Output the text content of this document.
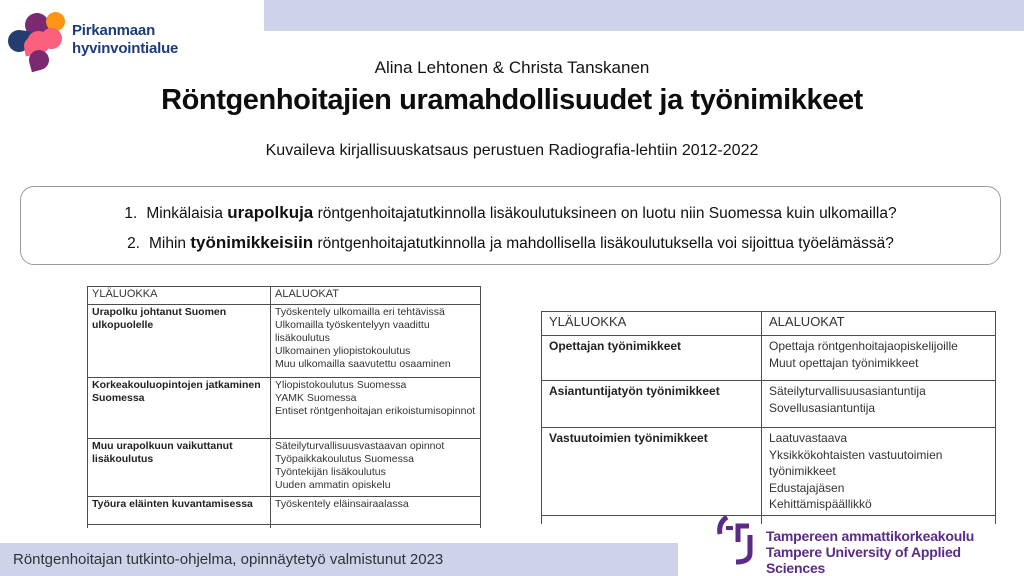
Pirkanmaan
hyvinvointialue
Alina Lehtonen & Christa Tanskanen
Röntgenhoitajien uramahdollisuudet ja työnimikkeet
Kuvaileva kirjallisuuskatsaus perustuen Radiografia-lehtiin 2012-2022
1. Minkälaisia urapolkuja röntgenhoitajatutkinnolla lisäkoulutuksineen on luotu niin Suomessa kuin ulkomailla?
2. Mihin työnimikkeisiin röntgenhoitajatutkinnolla ja mahdollisella lisäkoulutuksella voi sijoittua työelämässä?
YLÄLUOKKA	ALALUOKAT
Urapolku johtanut Suomen ulkopuolelle	Työskentely ulkomailla eri tehtävissä
Ulkomailla työskentelyyn vaadittu lisäkoulutus
Ulkomainen yliopistokoulutus
Muu ulkomailla saavutettu osaaminen

Korkeakouluopintojen jatkaminen Suomessa	Yliopistokoulutus Suomessa
YAMK Suomessa
Entiset röntgenhoitajan erikoistumisopinnot

Muu urapolkuun vaikuttanut lisäkoulutus	Säteilyturvallisuusvastaavan opinnot
Työpaikkakoulutus Suomessa
Työntekijän lisäkoulutus
Uuden ammatin opiskelu

Työura eläinten kuvantamisessa	Työskentely eläinsairaalassa

YLÄLUOKKA	ALALUOKAT
Opettajan työnimikkeet	Opettaja röntgenhoitajaopiskelijoille
Muut opettajan työnimikkeet

Asiantuntijatyön työnimikkeet	Säteilyturvallisuusasiantuntija
Sovellusasiantuntija

Vastuutoimien työnimikkeet	Laatuvastaava
Yksikkökohtaisten vastuutoimien työnimikkeet
Edustajajäsen
Kehittämispäällikkö

Röntgenhoitajan tutkinto-ohjelma, opinnäytetyö valmistunut 2023
Tampereen ammattikorkeakoulu
Tampere University of Applied Sciences
